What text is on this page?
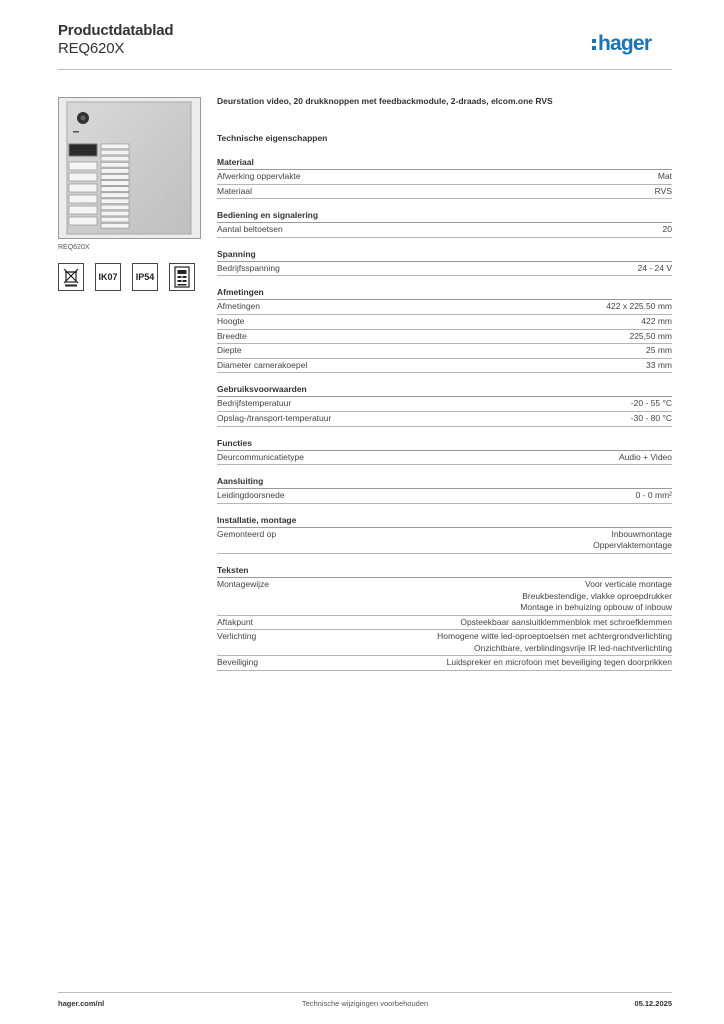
Productdatablad
REQ620X	hager
REQ620X
IK07	IP54
Deurstation video, 20 drukknoppen met feedbackmodule, 2-draads, elcom.one RVS
Technische eigenschappen
Materiaal
Afwerking oppervlakte	Mat
Materiaal	RVS
Bediening en signalering
Aantal beltoetsen	20
Spanning
Bedrijfsspanning	24 - 24 V
Afmetingen
Afmetingen	422 x 225.50 mm
Hoogte	422 mm
Breedte	225,50 mm
Diepte	25 mm
Diameter camerakoepel	33 mm
Gebruiksvoorwaarden
Bedrijfstemperatuur	-20 - 55 °C
Opslag-/transport-temperatuur	-30 - 80 °C
Functies
Deurcommunicatietype	Audio + Video
Aansluiting
Leidingdoorsnede	0 - 0 mm²
Installatie, montage
Gemonteerd op	Inbouwmontage
Oppervlaktemontage
Teksten
Montagewijze	Voor verticale montage
Breukbestendige, vlakke oproepdrukker
Montage in behuizing opbouw of inbouw
Aftakpunt	Opsteekbaar aansluitklemmenblok met schroefklemmen
Verlichting	Homogene witte led-oproeptoetsen met achtergrondverlichting
Onzichtbare, verblindingsvrije IR led-nachtverlichting
Beveiliging	Luidspreker en microfoon met beveiliging tegen doorprikken
hager.com/nl	Technische wijzigingen voorbehouden	05.12.2025
